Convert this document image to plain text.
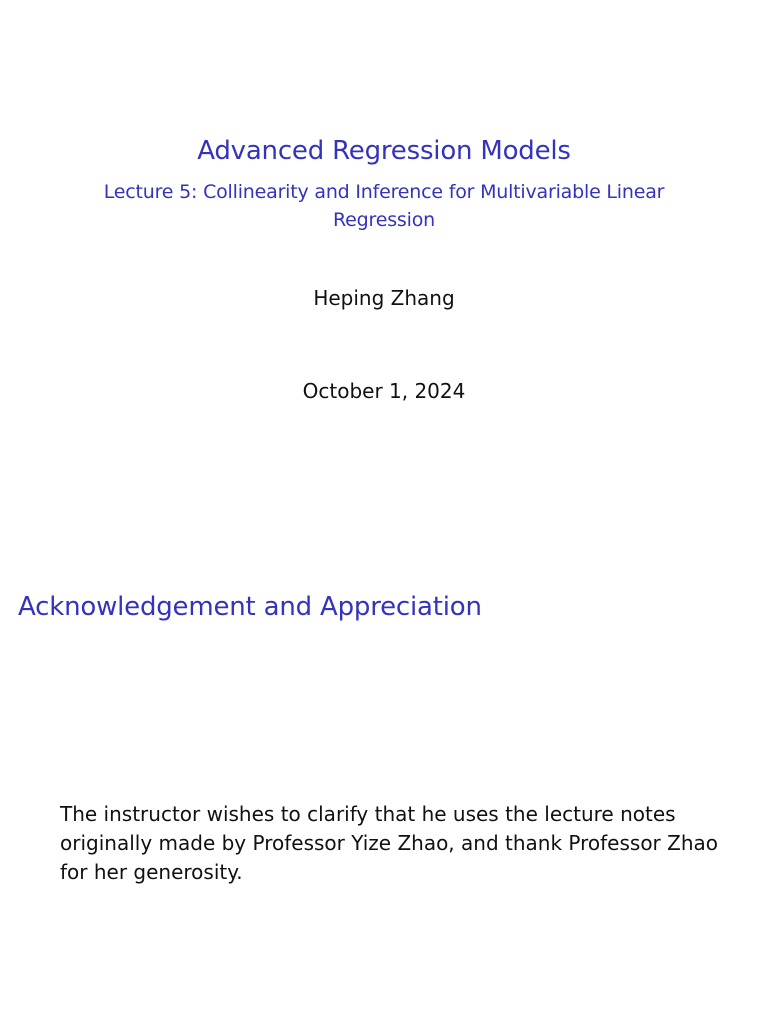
Advanced Regression Models
Lecture 5: Collinearity and Inference for Multivariable Linear Regression
Heping Zhang
October 1, 2024
Acknowledgement and Appreciation
The instructor wishes to clarify that he uses the lecture notes originally made by Professor Yize Zhao, and thank Professor Zhao for her generosity.
